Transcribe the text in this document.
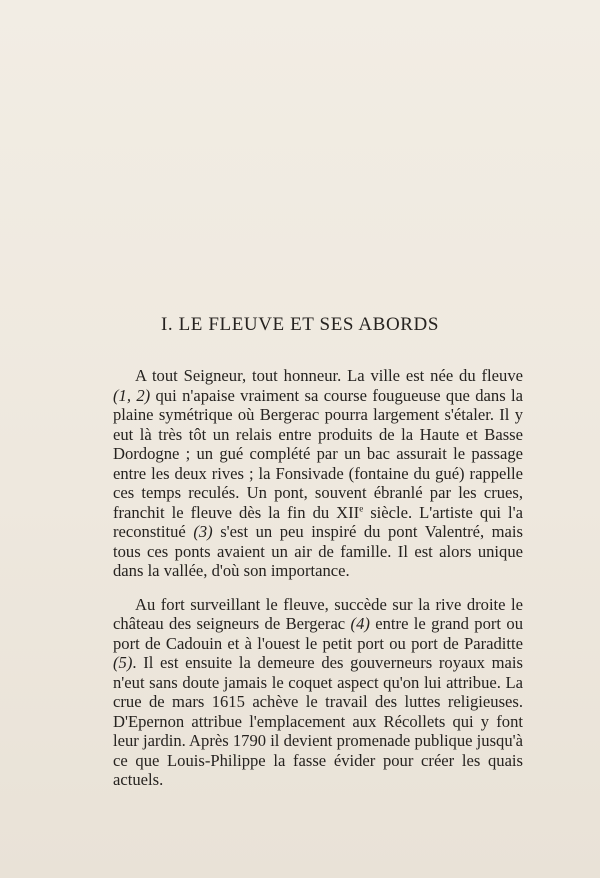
I. LE FLEUVE ET SES ABORDS

A tout Seigneur, tout honneur. La ville est née du fleuve (1, 2) qui n'apaise vraiment sa course fougueuse que dans la plaine symétrique où Bergerac pourra largement s'étaler. Il y eut là très tôt un relais entre produits de la Haute et Basse Dordogne ; un gué complété par un bac assurait le passage entre les deux rives ; la Fonsivade (fontaine du gué) rappelle ces temps reculés. Un pont, souvent ébranlé par les crues, franchit le fleuve dès la fin du XIIe siècle. L'artiste qui l'a reconstitué (3) s'est un peu inspiré du pont Valentré, mais tous ces ponts avaient un air de famille. Il est alors unique dans la vallée, d'où son importance.

Au fort surveillant le fleuve, succède sur la rive droite le château des seigneurs de Bergerac (4) entre le grand port ou port de Cadouin et à l'ouest le petit port ou port de Paraditte (5). Il est ensuite la demeure des gouverneurs royaux mais n'eut sans doute jamais le coquet aspect qu'on lui attribue. La crue de mars 1615 achève le travail des luttes religieuses. D'Epernon attribue l'emplacement aux Récollets qui y font leur jardin. Après 1790 il devient promenade publique jusqu'à ce que Louis-Philippe la fasse évider pour créer les quais actuels.
